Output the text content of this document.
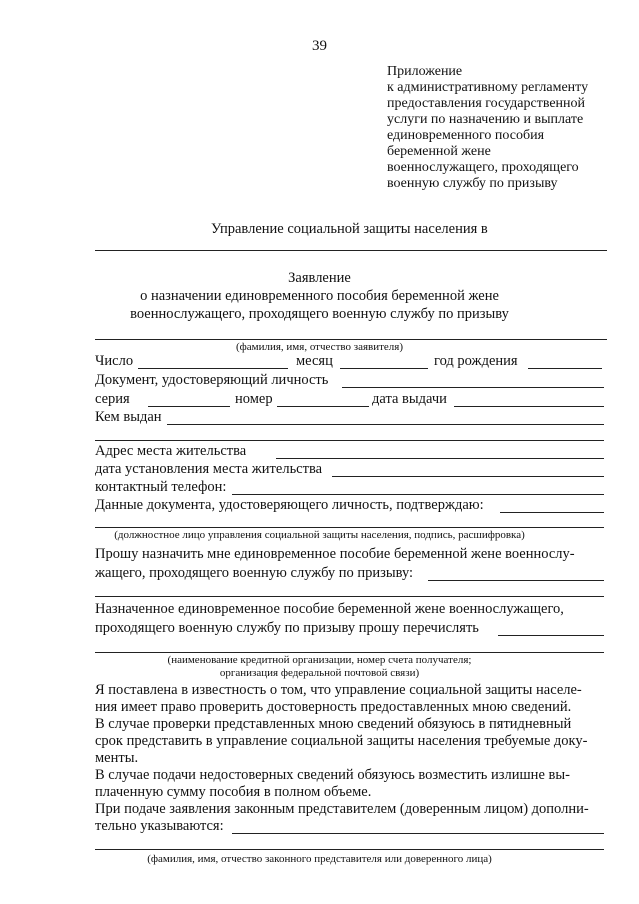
39
Приложение
к административному регламенту
предоставления государственной
услуги по назначению и выплате
единовременного пособия
беременной жене
военнослужащего, проходящего
военную службу по призыву
Управление социальной защиты населения в
Заявление
о назначении единовременного пособия беременной жене
военнослужащего, проходящего военную службу по призыву
(фамилия, имя, отчество заявителя)
Число	месяц	год рождения
Документ, удостоверяющий личность
серия	номер	дата выдачи
Кем выдан
Адрес места жительства
дата установления места жительства
контактный телефон:
Данные документа, удостоверяющего личность, подтверждаю:
(должностное лицо управления социальной защиты населения, подпись, расшифровка)
Прошу назначить мне единовременное пособие беременной жене военнослу-
жащего, проходящего военную службу по призыву:
Назначенное единовременное пособие беременной жене военнослужащего,
проходящего военную службу по призыву прошу перечислять
(наименование кредитной организации, номер счета получателя;
организация федеральной почтовой связи)
Я поставлена в известность о том, что управление социальной защиты населе-
ния имеет право проверить достоверность предоставленных мною сведений.
В случае проверки представленных мною сведений обязуюсь в пятидневный
срок представить в управление социальной защиты населения требуемые доку-
менты.
В случае подачи недостоверных сведений обязуюсь возместить излишне вы-
плаченную сумму пособия в полном объеме.
При подаче заявления законным представителем (доверенным лицом) дополни-
тельно указываются:
(фамилия, имя, отчество законного представителя или доверенного лица)
